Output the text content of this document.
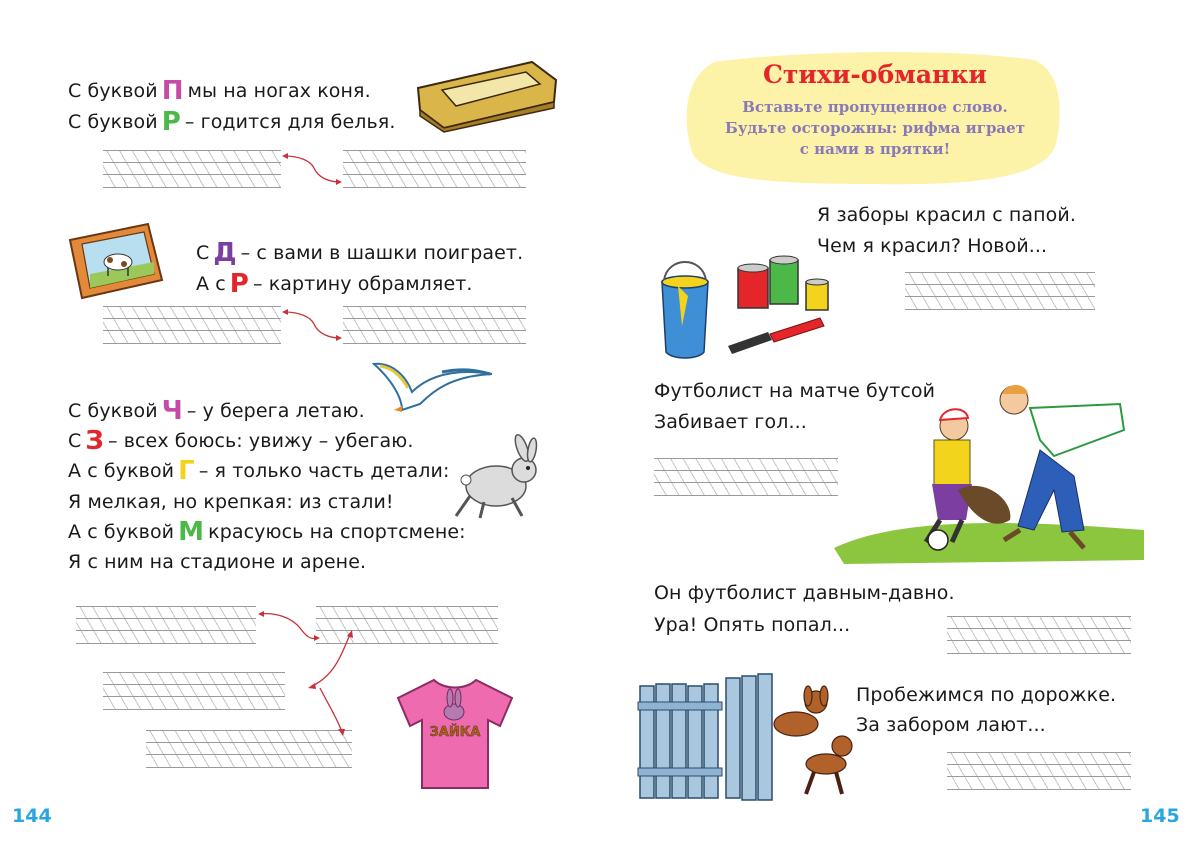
С буквой П мы на ногах коня.
С буквой Р – годится для белья.
С Д – с вами в шашки поиграет.
А с Р – картину обрамляет.
С буквой Ч – у берега летаю.
С З – всех боюсь: увижу – убегаю.
А с буквой Г – я только часть детали:
Я мелкая, но крепкая: из стали!
А с буквой М красуюсь на спортсмене:
Я с ним на стадионе и арене.
ЗАЙКА
144
Стихи-обманки
Вставьте пропущенное слово.
Будьте осторожны: рифма играет
с нами в прятки!
Я заборы красил с папой.
Чем я красил? Новой...
Футболист на матче бутсой
Забивает гол...
Он футболист давным-давно.
Ура! Опять попал...
Пробежимся по дорожке.
За забором лают...
145
